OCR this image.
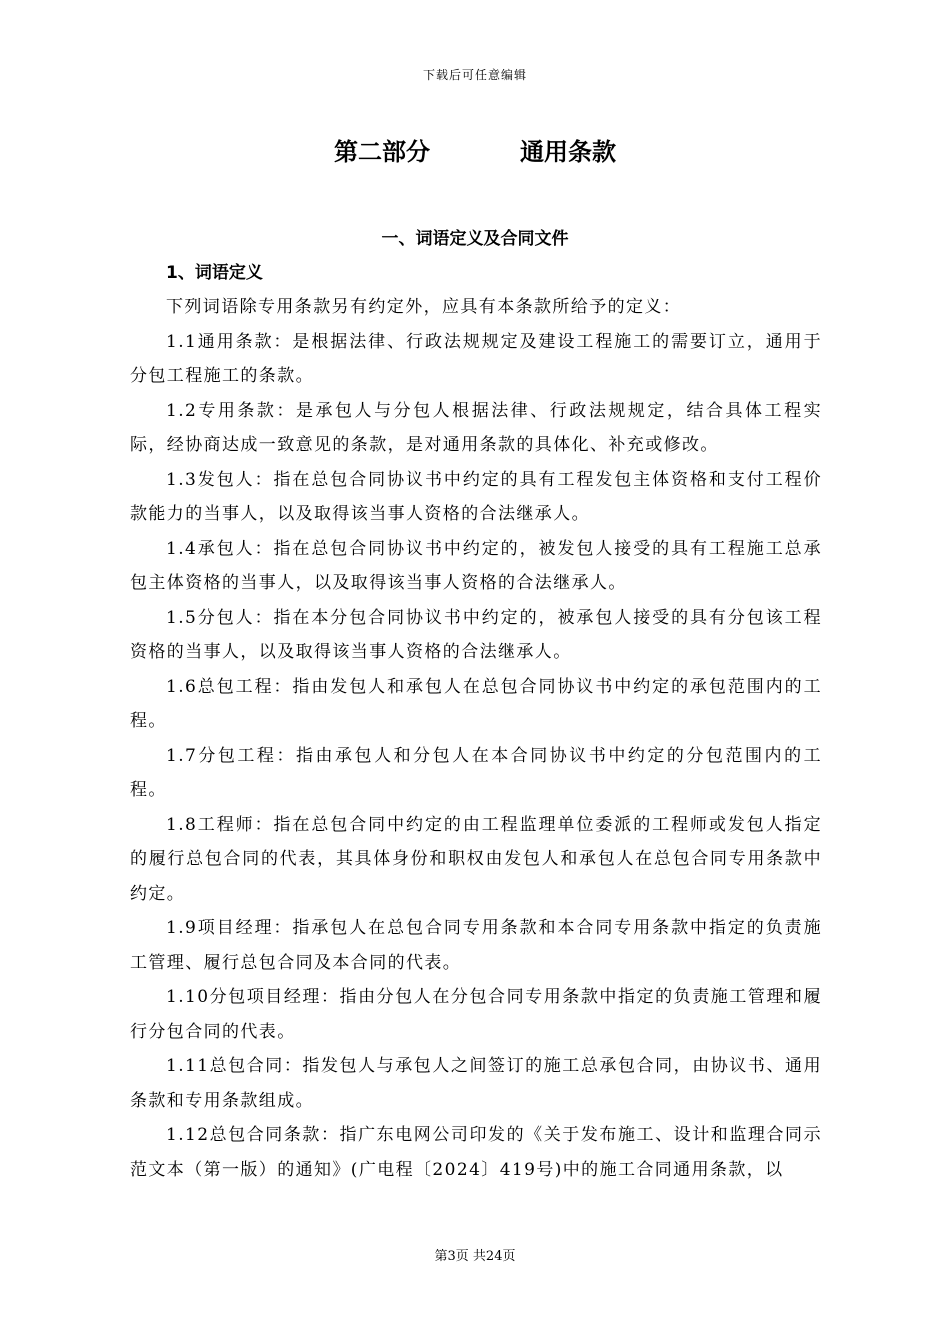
下载后可任意编辑
第二部分	通用条款
一、词语定义及合同文件
1、词语定义

下列词语除专用条款另有约定外，应具有本条款所给予的定义：

1.1通用条款：是根据法律、行政法规规定及建设工程施工的需要订立，通用于分包工程施工的条款。

1.2专用条款：是承包人与分包人根据法律、行政法规规定，结合具体工程实际，经协商达成一致意见的条款，是对通用条款的具体化、补充或修改。

1.3发包人：指在总包合同协议书中约定的具有工程发包主体资格和支付工程价款能力的当事人，以及取得该当事人资格的合法继承人。

1.4承包人：指在总包合同协议书中约定的，被发包人接受的具有工程施工总承包主体资格的当事人，以及取得该当事人资格的合法继承人。

1.5分包人：指在本分包合同协议书中约定的，被承包人接受的具有分包该工程资格的当事人，以及取得该当事人资格的合法继承人。

1.6总包工程：指由发包人和承包人在总包合同协议书中约定的承包范围内的工程。

1.7分包工程：指由承包人和分包人在本合同协议书中约定的分包范围内的工程。

1.8工程师：指在总包合同中约定的由工程监理单位委派的工程师或发包人指定的履行总包合同的代表，其具体身份和职权由发包人和承包人在总包合同专用条款中约定。

1.9项目经理：指承包人在总包合同专用条款和本合同专用条款中指定的负责施工管理、履行总包合同及本合同的代表。

1.10分包项目经理：指由分包人在分包合同专用条款中指定的负责施工管理和履行分包合同的代表。

1.11总包合同：指发包人与承包人之间签订的施工总承包合同，由协议书、通用条款和专用条款组成。

1.12总包合同条款：指广东电网公司印发的《关于发布施工、设计和监理合同示范文本（第一版）的通知》(广电程〔2024〕419号)中的施工合同通用条款，以

第3页 共24页
